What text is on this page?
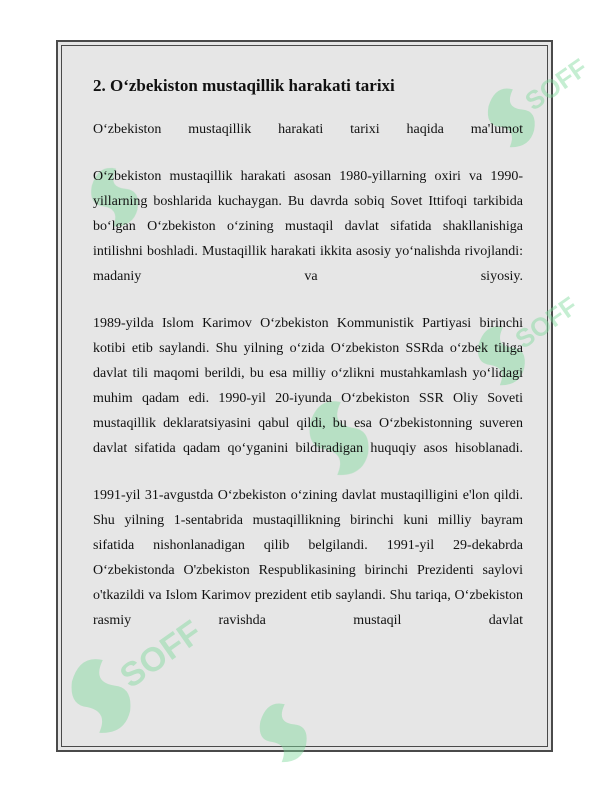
SOFF
SOFF
SOFF
2. O‘zbekiston mustaqillik harakati tarixi

O‘zbekiston mustaqillik harakati tarixi haqida ma'lumot

O‘zbekiston mustaqillik harakati asosan 1980-yillarning oxiri va 1990-yillarning boshlarida kuchaygan. Bu davrda sobiq Sovet Ittifoqi tarkibida bo‘lgan O‘zbekiston o‘zining mustaqil davlat sifatida shakllanishiga intilishni boshladi. Mustaqillik harakati ikkita asosiy yo‘nalishda rivojlandi: madaniy va siyosiy.

1989-yilda Islom Karimov O‘zbekiston Kommunistik Partiyasi birinchi kotibi etib saylandi. Shu yilning o‘zida O‘zbekiston SSRda o‘zbek tiliga davlat tili maqomi berildi, bu esa milliy o‘zlikni mustahkamlash yo‘lidagi muhim qadam edi. 1990-yil 20-iyunda O‘zbekiston SSR Oliy Soveti mustaqillik deklaratsiyasini qabul qildi, bu esa O‘zbekistonning suveren davlat sifatida qadam qo‘yganini bildiradigan huquqiy asos hisoblanadi.

1991-yil 31-avgustda O‘zbekiston o‘zining davlat mustaqilligini e'lon qildi. Shu yilning 1-sentabrida mustaqillikning birinchi kuni milliy bayram sifatida nishonlanadigan qilib belgilandi. 1991-yil 29-dekabrda O‘zbekistonda O'zbekiston Respublikasining birinchi Prezidenti saylovi o'tkazildi va Islom Karimov prezident etib saylandi. Shu tariqa, O‘zbekiston rasmiy ravishda mustaqil davlat
